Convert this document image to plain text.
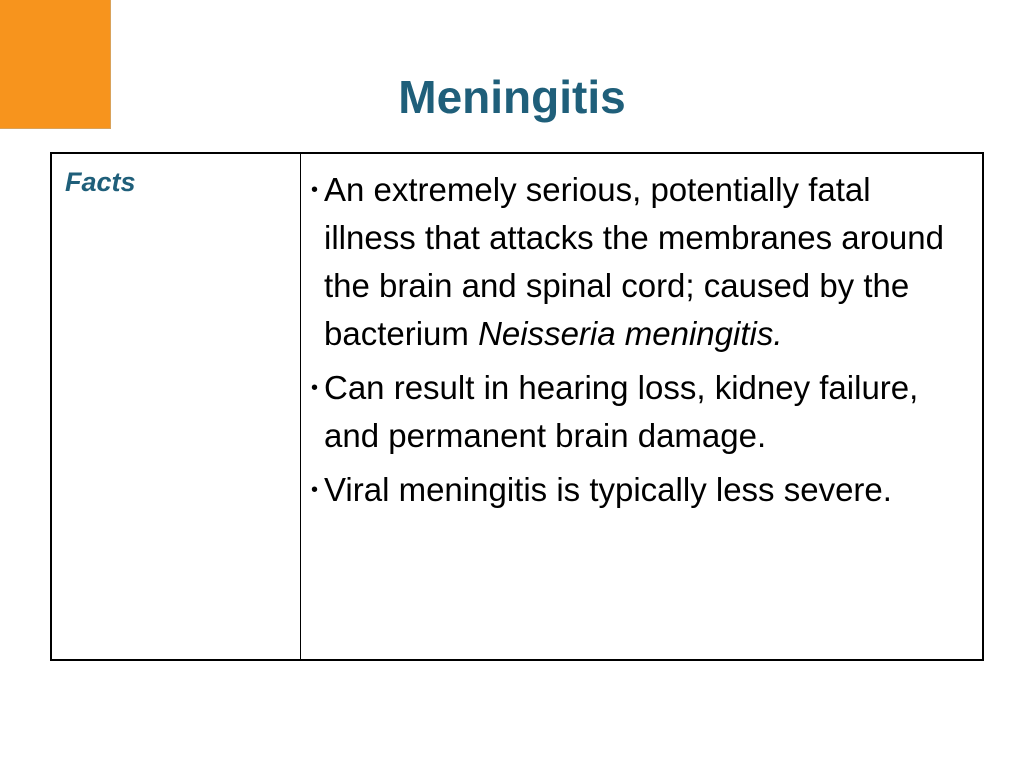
Meningitis
Facts	• An extremely serious, potentially fatal illness that attacks the membranes around the brain and spinal cord; caused by the bacterium Neisseria meningitis.
• Can result in hearing loss, kidney failure, and permanent brain damage.
• Viral meningitis is typically less severe.
